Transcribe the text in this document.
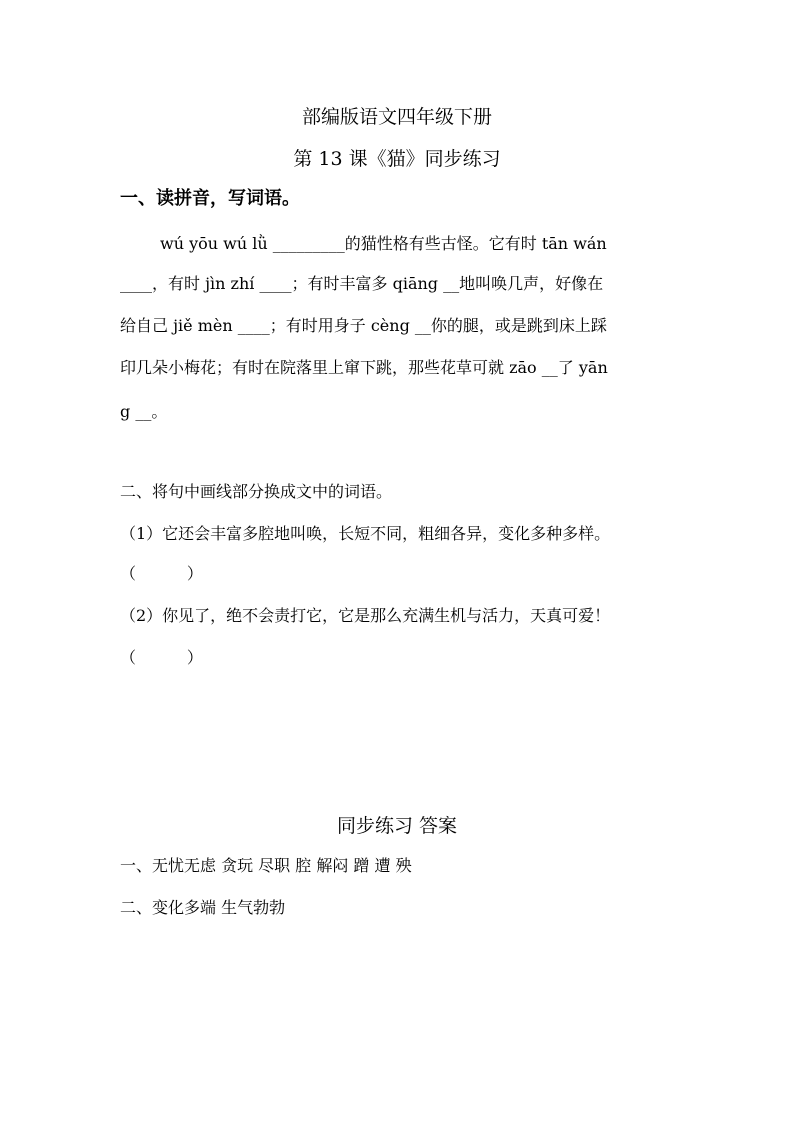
部编版语文四年级下册
第 13 课《猫》同步练习
一、读拼音，写词语。
wú yōu wú lǜ _________的猫性格有些古怪。它有时 tān wán
____，有时 jìn zhí ____；有时丰富多 qiāng __地叫唤几声，好像在
给自己 jiě mèn ____；有时用身子 cèng __你的腿，或是跳到床上踩
印几朵小梅花；有时在院落里上窜下跳，那些花草可就 zāo __了 yān
g __。
二、将句中画线部分换成文中的词语。
（1）它还会丰富多腔地叫唤，长短不同，粗细各异，变化多种多样。
（          ）
（2）你见了，绝不会责打它，它是那么充满生机与活力，天真可爱！
（          ）
同步练习 答案
一、无忧无虑 贪玩 尽职 腔 解闷 蹭 遭 殃
二、变化多端 生气勃勃
